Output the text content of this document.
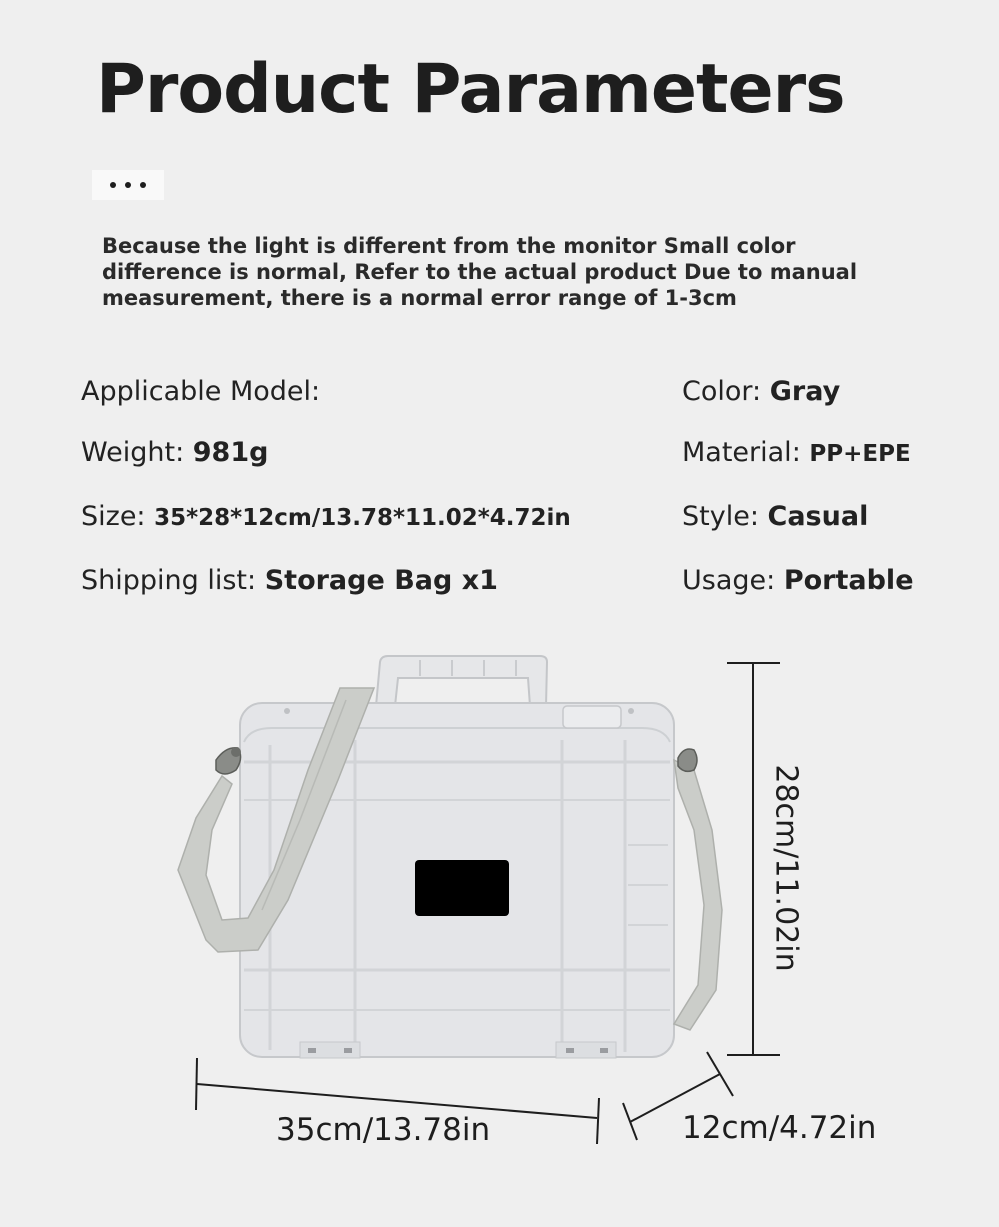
Product Parameters

Because the light is different from the monitor Small color difference is normal, Refer to the actual product Due to manual measurement, there is a normal error range of 1-3cm

Applicable Model:
Weight: 981g
Size: 35*28*12cm/13.78*11.02*4.72in
Shipping list: Storage Bag x1
Color: Gray
Material: PP+EPE
Style: Casual
Usage: Portable
35cm/13.78in	12cm/4.72in
28cm/11.02in
